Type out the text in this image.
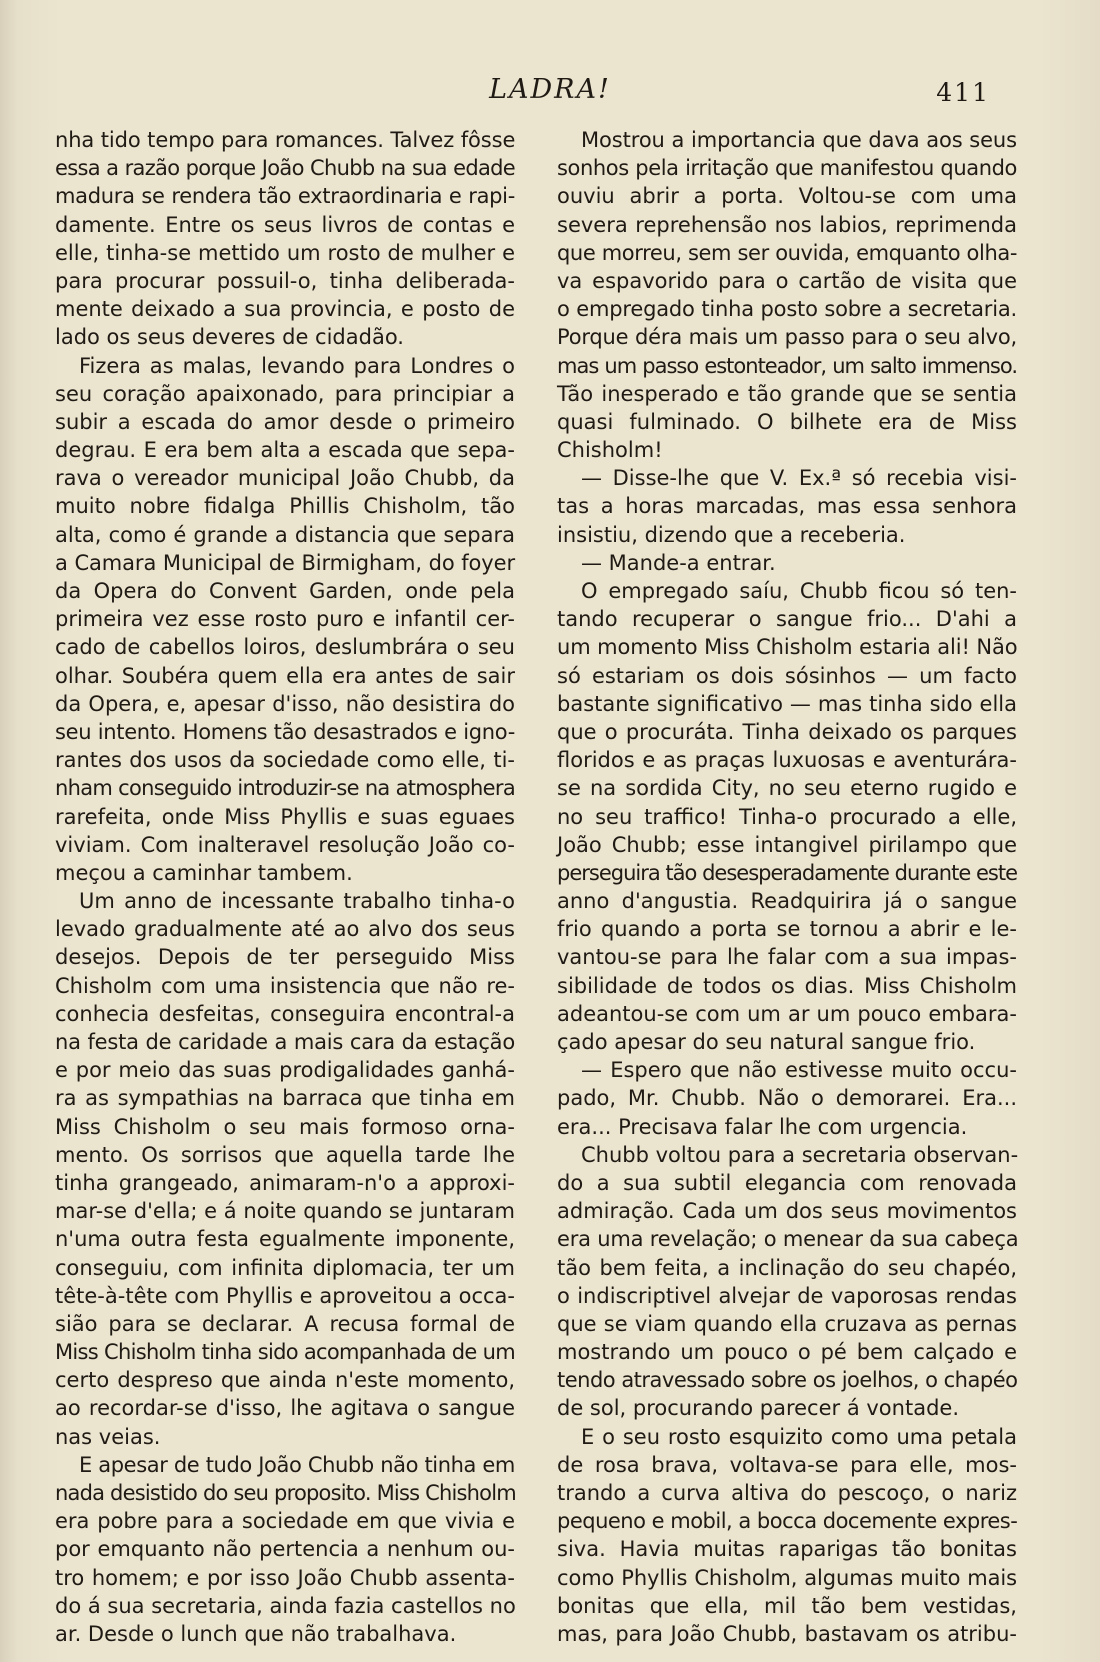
LADRA!	411
nha tido tempo para romances. Talvez fôsse
essa a razão porque João Chubb na sua edade
madura se rendera tão extraordinaria e rapi-
damente. Entre os seus livros de contas e
elle, tinha-se mettido um rosto de mulher e
para procurar possuil-o, tinha deliberada-
mente deixado a sua provincia, e posto de
lado os seus deveres de cidadão.
Fizera as malas, levando para Londres o
seu coração apaixonado, para principiar a
subir a escada do amor desde o primeiro
degrau. E era bem alta a escada que sepa-
rava o vereador municipal João Chubb, da
muito nobre fidalga Phillis Chisholm, tão
alta, como é grande a distancia que separa
a Camara Municipal de Birmigham, do foyer
da Opera do Convent Garden, onde pela
primeira vez esse rosto puro e infantil cer-
cado de cabellos loiros, deslumbrára o seu
olhar. Soubéra quem ella era antes de sair
da Opera, e, apesar d'isso, não desistira do
seu intento. Homens tão desastrados e igno-
rantes dos usos da sociedade como elle, ti-
nham conseguido introduzir-se na atmosphera
rarefeita, onde Miss Phyllis e suas eguaes
viviam. Com inalteravel resolução João co-
meçou a caminhar tambem.
Um anno de incessante trabalho tinha-o
levado gradualmente até ao alvo dos seus
desejos. Depois de ter perseguido Miss
Chisholm com uma insistencia que não re-
conhecia desfeitas, conseguira encontral-a
na festa de caridade a mais cara da estação
e por meio das suas prodigalidades ganhá-
ra as sympathias na barraca que tinha em
Miss Chisholm o seu mais formoso orna-
mento. Os sorrisos que aquella tarde lhe
tinha grangeado, animaram-n'o a approxi-
mar-se d'ella; e á noite quando se juntaram
n'uma outra festa egualmente imponente,
conseguiu, com infinita diplomacia, ter um
tête-à-tête com Phyllis e aproveitou a occa-
sião para se declarar. A recusa formal de
Miss Chisholm tinha sido acompanhada de um
certo despreso que ainda n'este momento,
ao recordar-se d'isso, lhe agitava o sangue
nas veias.
E apesar de tudo João Chubb não tinha em
nada desistido do seu proposito. Miss Chisholm
era pobre para a sociedade em que vivia e
por emquanto não pertencia a nenhum ou-
tro homem; e por isso João Chubb assenta-
do á sua secretaria, ainda fazia castellos no
ar. Desde o lunch que não trabalhava.
Mostrou a importancia que dava aos seus
sonhos pela irritação que manifestou quando
ouviu abrir a porta. Voltou-se com uma
severa reprehensão nos labios, reprimenda
que morreu, sem ser ouvida, emquanto olha-
va espavorido para o cartão de visita que
o empregado tinha posto sobre a secretaria.
Porque déra mais um passo para o seu alvo,
mas um passo estonteador, um salto immenso.
Tão inesperado e tão grande que se sentia
quasi fulminado. O bilhete era de Miss
Chisholm!
— Disse-lhe que V. Ex.ª só recebia visi-
tas a horas marcadas, mas essa senhora
insistiu, dizendo que a receberia.
— Mande-a entrar.
O empregado saíu, Chubb ficou só ten-
tando recuperar o sangue frio... D'ahi a
um momento Miss Chisholm estaria ali! Não
só estariam os dois sósinhos — um facto
bastante significativo — mas tinha sido ella
que o procuráta. Tinha deixado os parques
floridos e as praças luxuosas e aventurára-
se na sordida City, no seu eterno rugido e
no seu traffico! Tinha-o procurado a elle,
João Chubb; esse intangivel pirilampo que
perseguira tão desesperadamente durante este
anno d'angustia. Readquirira já o sangue
frio quando a porta se tornou a abrir e le-
vantou-se para lhe falar com a sua impas-
sibilidade de todos os dias. Miss Chisholm
adeantou-se com um ar um pouco embara-
çado apesar do seu natural sangue frio.
— Espero que não estivesse muito occu-
pado, Mr. Chubb. Não o demorarei. Era...
era... Precisava falar lhe com urgencia.
Chubb voltou para a secretaria observan-
do a sua subtil elegancia com renovada
admiração. Cada um dos seus movimentos
era uma revelação; o menear da sua cabeça
tão bem feita, a inclinação do seu chapéo,
o indiscriptivel alvejar de vaporosas rendas
que se viam quando ella cruzava as pernas
mostrando um pouco o pé bem calçado e
tendo atravessado sobre os joelhos, o chapéo
de sol, procurando parecer á vontade.
E o seu rosto esquizito como uma petala
de rosa brava, voltava-se para elle, mos-
trando a curva altiva do pescoço, o nariz
pequeno e mobil, a bocca docemente expres-
siva. Havia muitas raparigas tão bonitas
como Phyllis Chisholm, algumas muito mais
bonitas que ella, mil tão bem vestidas,
mas, para João Chubb, bastavam os atribu-
